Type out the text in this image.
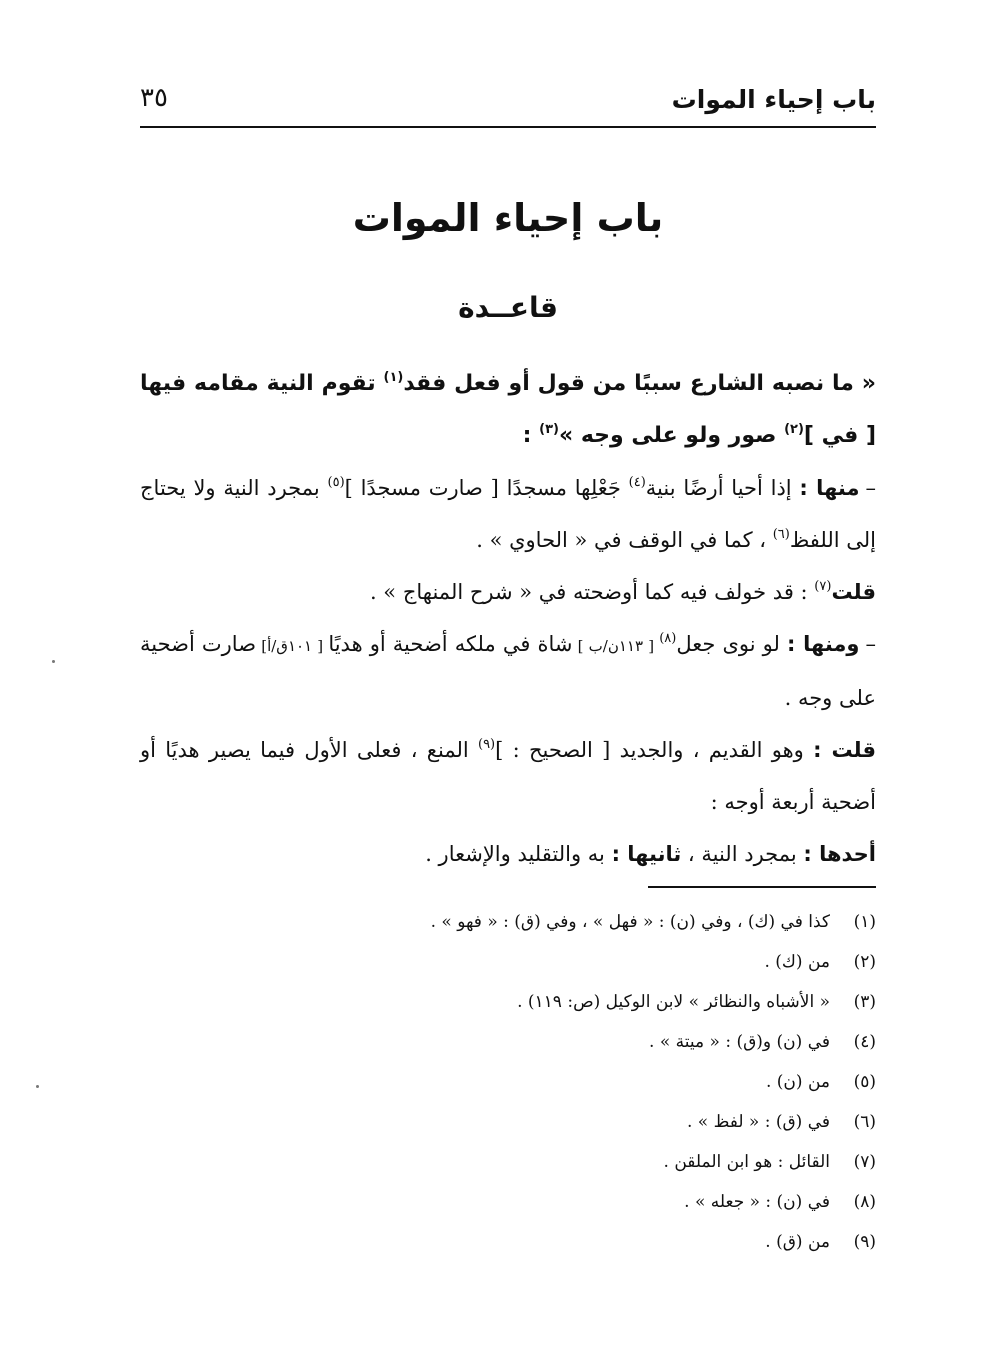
باب إحياء الموات
٣٥
باب إحياء الموات
قاعــدة

« ما نصبه الشارع سببًا من قول أو فعل فقد$^{(١)}$ تقوم النية مقامه فيها [ في ]$^{(٢)}$ صور ولو على وجه »$^{(٣)}$ :

–منها : إذا أحيا أرضًا بنية$^{(٤)}$ جَعْلِها مسجدًا [ صارت مسجدًا ]$^{(٥)}$ بمجرد النية ولا يحتاج إلى اللفظ$^{(٦)}$ ، كما في الوقف في « الحاوي » .

قلت$^{(٧)}$ : قد خولف فيه كما أوضحته في « شرح المنهاج » .

–ومنها : لو نوى جعل$^{(٨)}$ [ ١١٣ن/ب ] شاة في ملكه أضحية أو هديًا [ ١٠١ق/أ] صارت أضحية على وجه .

قلت : وهو القديم ، والجديد [ الصحيح : ]$^{(٩)}$ المنع ، فعلى الأول فيما يصير هديًا أو أضحية أربعة أوجه :

أحدها : بمجرد النية ، ثانيها : به والتقليد والإشعار .

(١)
كذا في (ك) ، وفي (ن) : « فهل » ، وفي (ق) : « فهو » .
(٢)
من (ك) .
(٣)
« الأشباه والنظائر » لابن الوكيل (ص: ١١٩) .
(٤)
في (ن) و(ق) : « ميتة » .
(٥)
من (ن) .
(٦)
في (ق) : « لفظ » .
(٧)
القائل : هو ابن الملقن .
(٨)
في (ن) : « جعله » .
(٩)
من (ق) .
